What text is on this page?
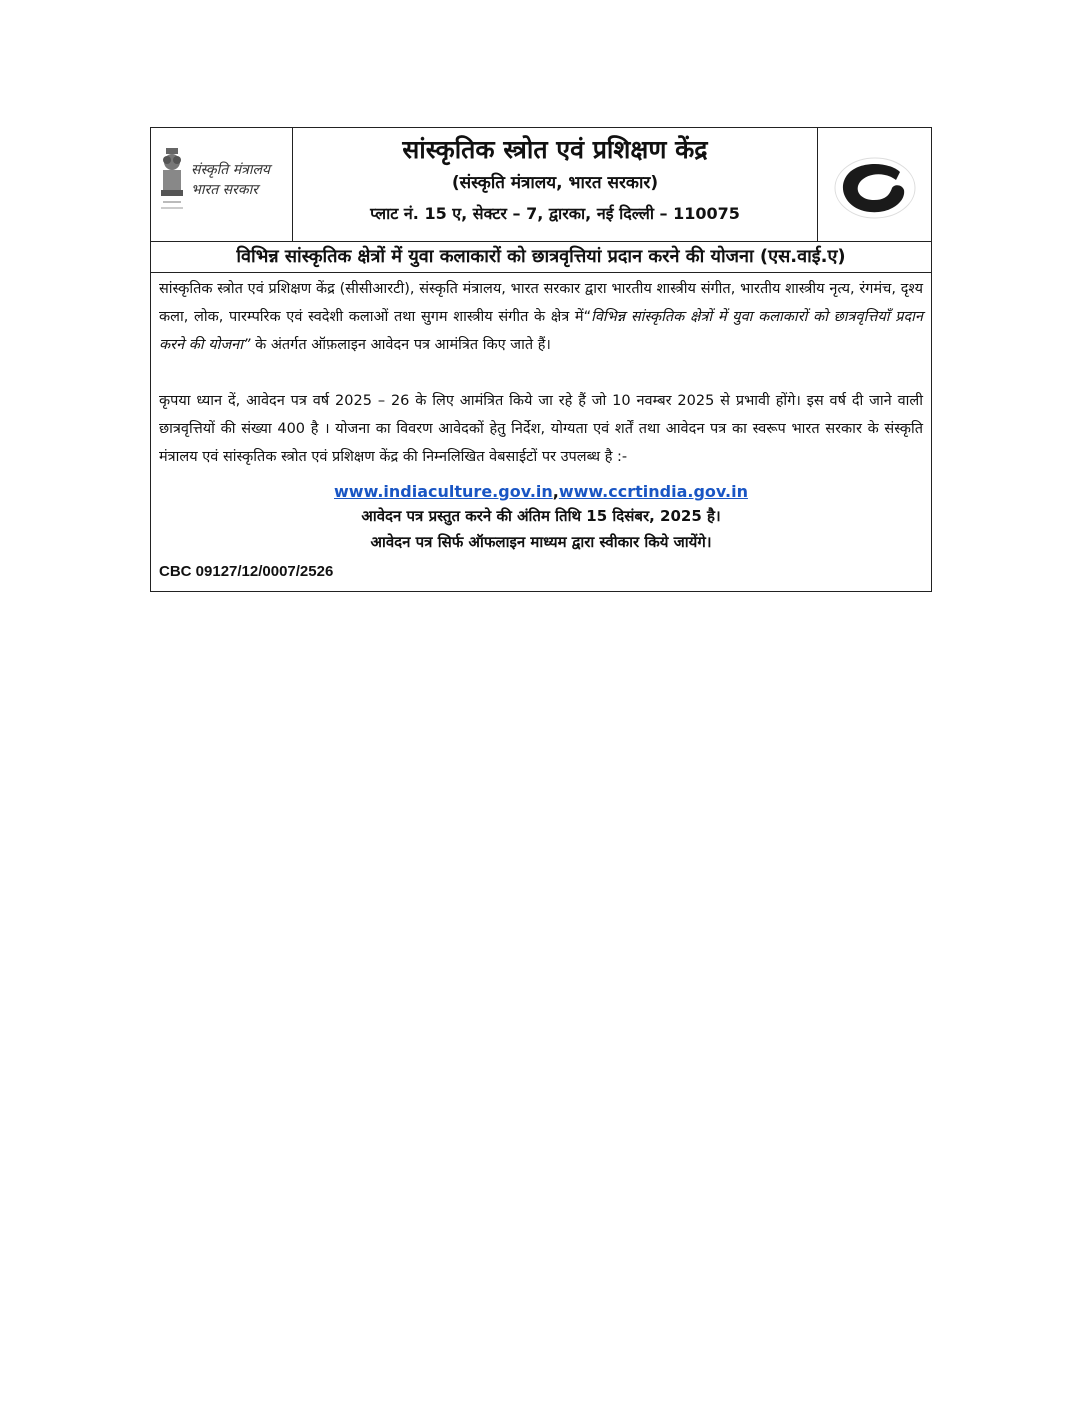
संस्कृति मंत्रालय
भारत सरकार
सांस्कृतिक स्त्रोत एवं प्रशिक्षण केंद्र
(संस्कृति मंत्रालय, भारत सरकार)
प्लाट नं. 15 ए, सेक्टर – 7, द्वारका, नई दिल्ली – 110075
विभिन्न सांस्कृतिक क्षेत्रों में युवा कलाकारों को छात्रवृत्तियां प्रदान करने की योजना (एस.वाई.ए)

सांस्कृतिक स्त्रोत एवं प्रशिक्षण केंद्र (सीसीआरटी), संस्कृति मंत्रालय, भारत सरकार द्वारा भारतीय शास्त्रीय संगीत, भारतीय शास्त्रीय नृत्य, रंगमंच, दृश्य कला, लोक, पारम्परिक एवं स्वदेशी कलाओं तथा सुगम शास्त्रीय संगीत के क्षेत्र में“विभिन्न सांस्कृतिक क्षेत्रों में युवा कलाकारों को छात्रवृत्तियाँ प्रदान करने की योजना” के अंतर्गत ऑफ़लाइन आवेदन पत्र आमंत्रित किए जाते हैं।

कृपया ध्यान दें, आवेदन पत्र वर्ष 2025 – 26 के लिए आमंत्रित किये जा रहे हैं जो 10 नवम्बर 2025 से प्रभावी होंगे। इस वर्ष दी जाने वाली छात्रवृत्तियों की संख्या 400 है । योजना का विवरण आवेदकों हेतु निर्देश, योग्यता एवं शर्तें तथा आवेदन पत्र का स्वरूप भारत सरकार के संस्कृति मंत्रालय एवं सांस्कृतिक स्त्रोत एवं प्रशिक्षण केंद्र की निम्नलिखित वेबसाईटों पर उपलब्ध है :-

www.indiaculture.gov.in,www.ccrtindia.gov.in
आवेदन पत्र प्रस्तुत करने की अंतिम तिथि 15 दिसंबर, 2025 है।
आवेदन पत्र सिर्फ ऑफलाइन माध्यम द्वारा स्वीकार किये जायेंगे।
CBC 09127/12/0007/2526
